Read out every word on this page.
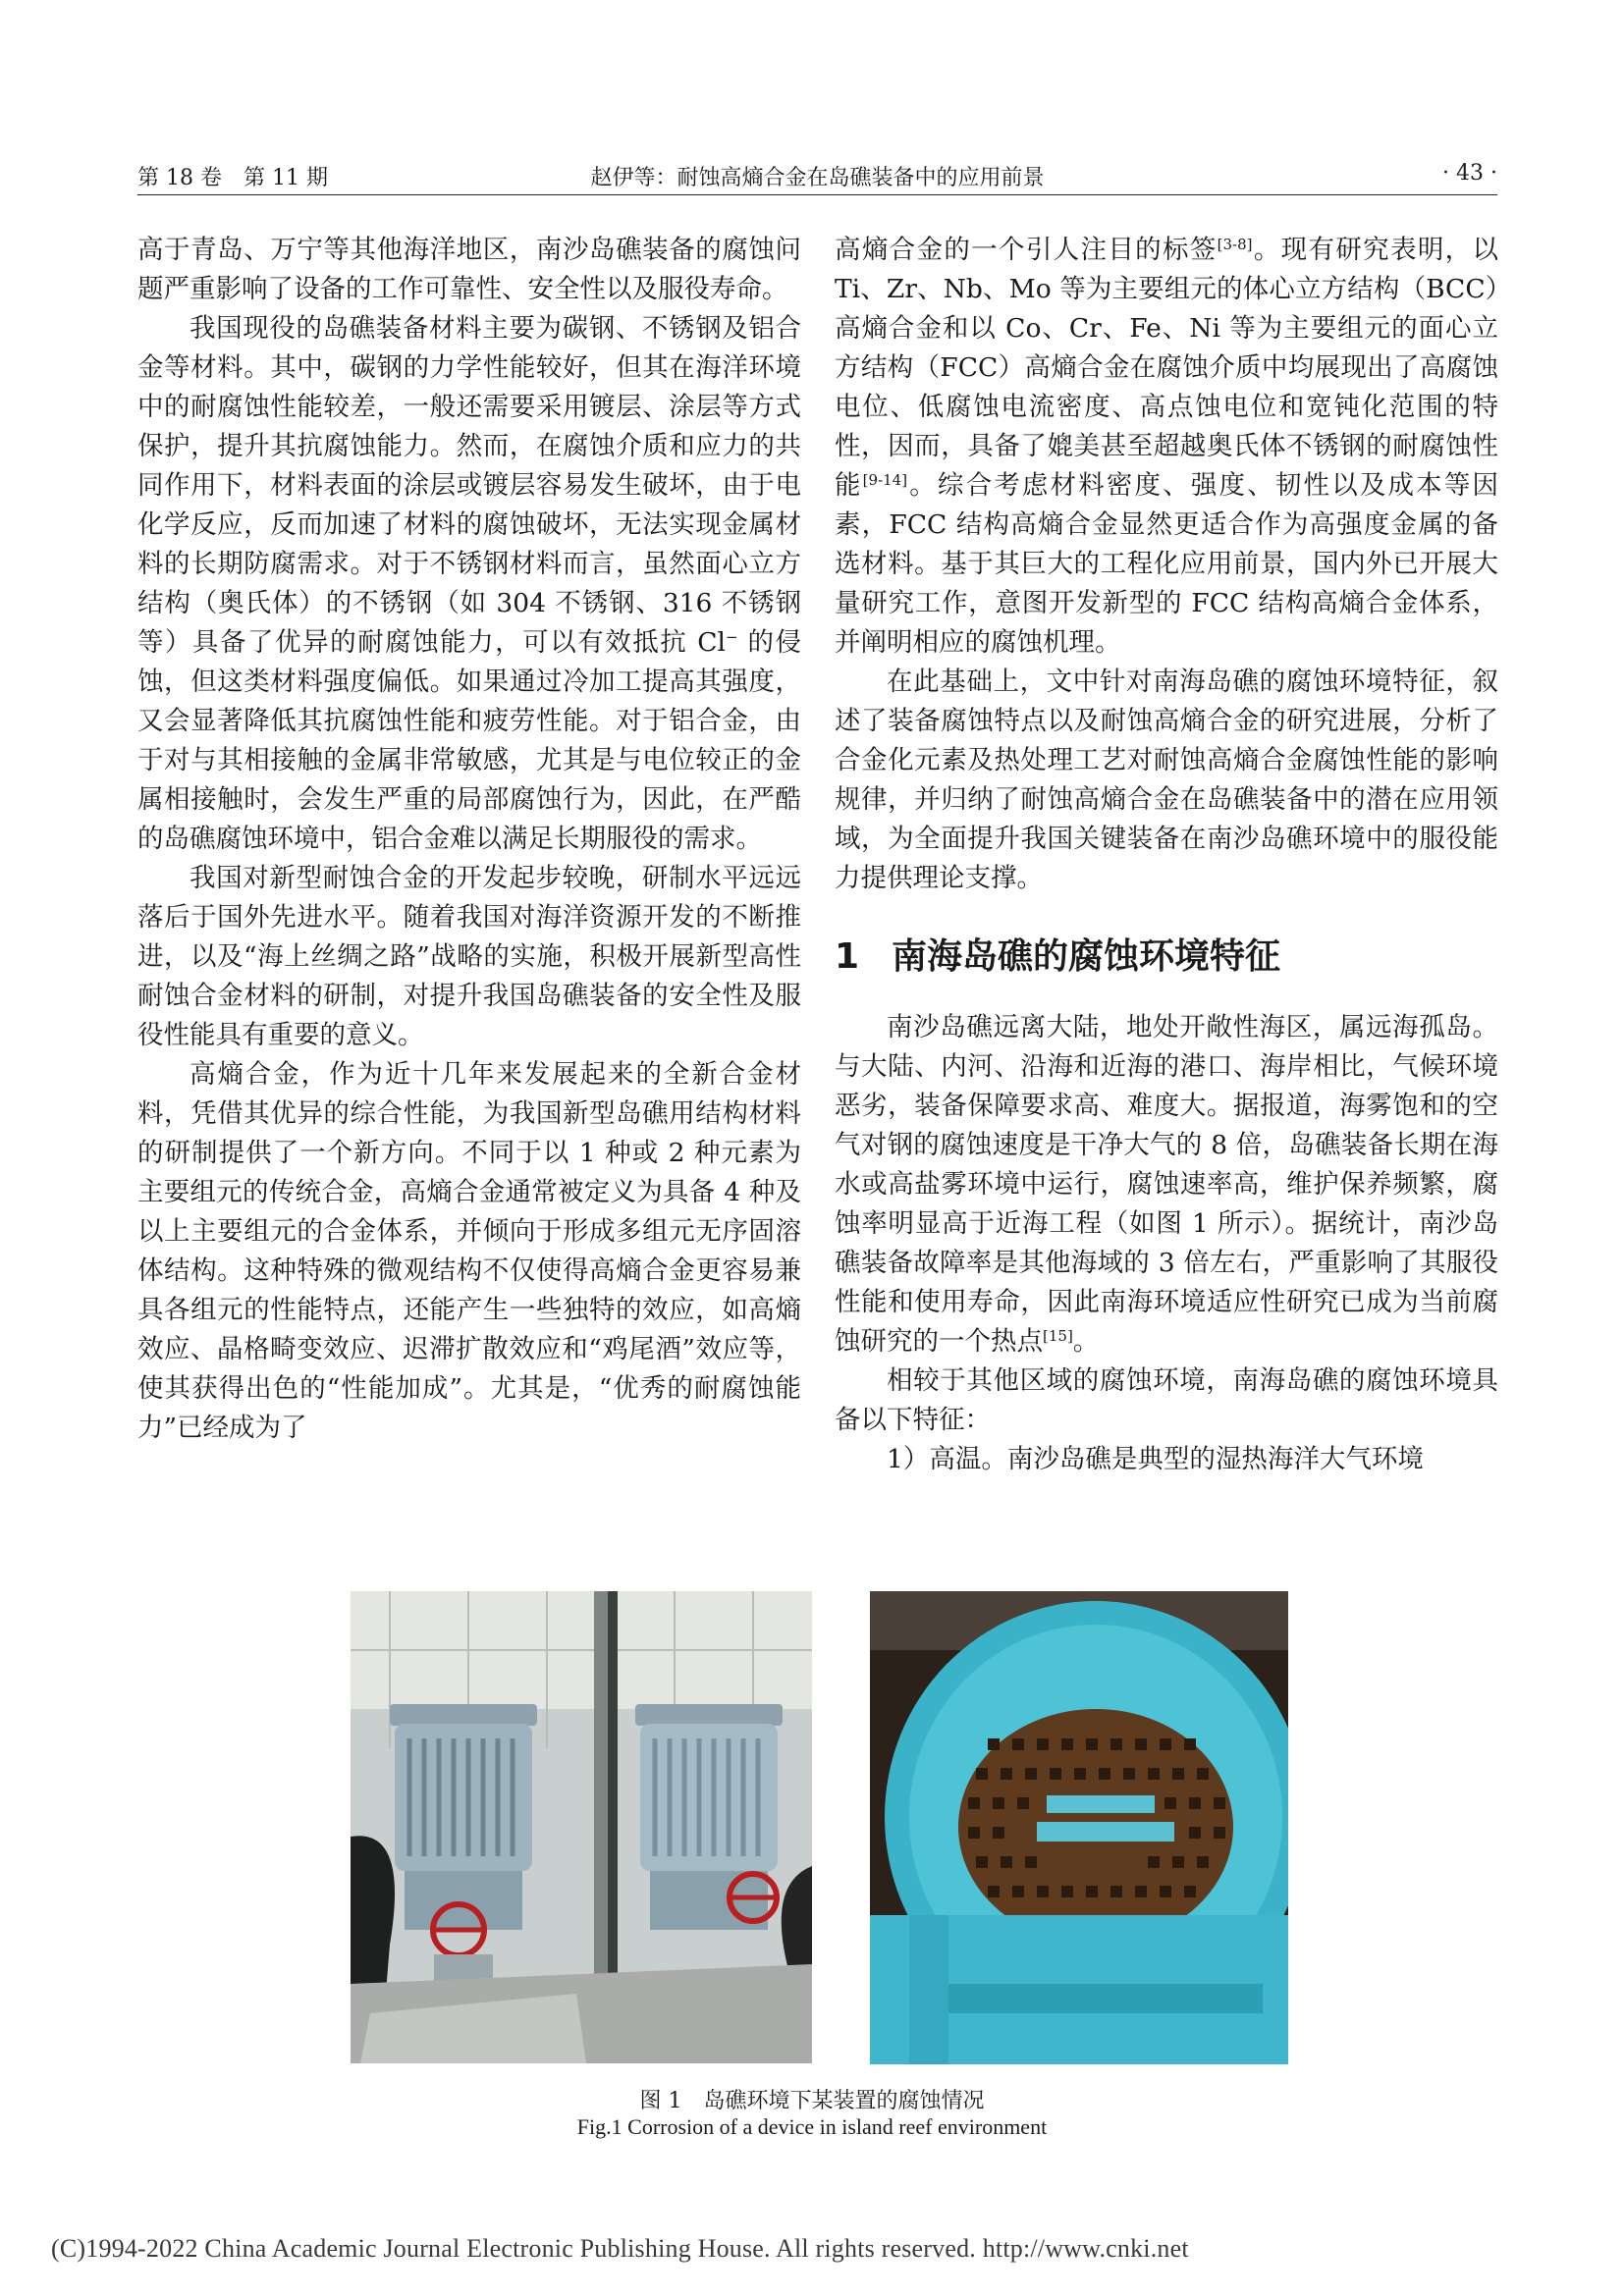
第 18 卷　第 11 期	赵伊等：耐蚀高熵合金在岛礁装备中的应用前景	· 43 ·

高于青岛、万宁等其他海洋地区，南沙岛礁装备的腐蚀问题严重影响了设备的工作可靠性、安全性以及服役寿命。

我国现役的岛礁装备材料主要为碳钢、不锈钢及铝合金等材料。其中，碳钢的力学性能较好，但其在海洋环境中的耐腐蚀性能较差，一般还需要采用镀层、涂层等方式保护，提升其抗腐蚀能力。然而，在腐蚀介质和应力的共同作用下，材料表面的涂层或镀层容易发生破坏，由于电化学反应，反而加速了材料的腐蚀破坏，无法实现金属材料的长期防腐需求。对于不锈钢材料而言，虽然面心立方结构（奥氏体）的不锈钢（如 304 不锈钢、316 不锈钢等）具备了优异的耐腐蚀能力，可以有效抵抗 Cl− 的侵蚀，但这类材料强度偏低。如果通过冷加工提高其强度，又会显著降低其抗腐蚀性能和疲劳性能。对于铝合金，由于对与其相接触的金属非常敏感，尤其是与电位较正的金属相接触时，会发生严重的局部腐蚀行为，因此，在严酷的岛礁腐蚀环境中，铝合金难以满足长期服役的需求。

我国对新型耐蚀合金的开发起步较晚，研制水平远远落后于国外先进水平。随着我国对海洋资源开发的不断推进，以及“海上丝绸之路”战略的实施，积极开展新型高性耐蚀合金材料的研制，对提升我国岛礁装备的安全性及服役性能具有重要的意义。

高熵合金，作为近十几年来发展起来的全新合金材料，凭借其优异的综合性能，为我国新型岛礁用结构材料的研制提供了一个新方向。不同于以 1 种或 2 种元素为主要组元的传统合金，高熵合金通常被定义为具备 4 种及以上主要组元的合金体系，并倾向于形成多组元无序固溶体结构。这种特殊的微观结构不仅使得高熵合金更容易兼具各组元的性能特点，还能产生一些独特的效应，如高熵效应、晶格畸变效应、迟滞扩散效应和“鸡尾酒”效应等，使其获得出色的“性能加成”。尤其是，“优秀的耐腐蚀能力”已经成为了

高熵合金的一个引人注目的标签[3-8]。现有研究表明，以 Ti、Zr、Nb、Mo 等为主要组元的体心立方结构（BCC）高熵合金和以 Co、Cr、Fe、Ni 等为主要组元的面心立方结构（FCC）高熵合金在腐蚀介质中均展现出了高腐蚀电位、低腐蚀电流密度、高点蚀电位和宽钝化范围的特性，因而，具备了媲美甚至超越奥氏体不锈钢的耐腐蚀性能[9-14]。综合考虑材料密度、强度、韧性以及成本等因素，FCC 结构高熵合金显然更适合作为高强度金属的备选材料。基于其巨大的工程化应用前景，国内外已开展大量研究工作，意图开发新型的 FCC 结构高熵合金体系，并阐明相应的腐蚀机理。

在此基础上，文中针对南海岛礁的腐蚀环境特征，叙述了装备腐蚀特点以及耐蚀高熵合金的研究进展，分析了合金化元素及热处理工艺对耐蚀高熵合金腐蚀性能的影响规律，并归纳了耐蚀高熵合金在岛礁装备中的潜在应用领域，为全面提升我国关键装备在南沙岛礁环境中的服役能力提供理论支撑。

1 南海岛礁的腐蚀环境特征

南沙岛礁远离大陆，地处开敞性海区，属远海孤岛。与大陆、内河、沿海和近海的港口、海岸相比，气候环境恶劣，装备保障要求高、难度大。据报道，海雾饱和的空气对钢的腐蚀速度是干净大气的 8 倍，岛礁装备长期在海水或高盐雾环境中运行，腐蚀速率高，维护保养频繁，腐蚀率明显高于近海工程（如图 1 所示）。据统计，南沙岛礁装备故障率是其他海域的 3 倍左右，严重影响了其服役性能和使用寿命，因此南海环境适应性研究已成为当前腐蚀研究的一个热点[15]。

相较于其他区域的腐蚀环境，南海岛礁的腐蚀环境具备以下特征：

1）高温。南沙岛礁是典型的湿热海洋大气环境

图 1　岛礁环境下某装置的腐蚀情况
Fig.1 Corrosion of a device in island reef environment
(C)1994-2022 China Academic Journal Electronic Publishing House. All rights reserved. http://www.cnki.net
